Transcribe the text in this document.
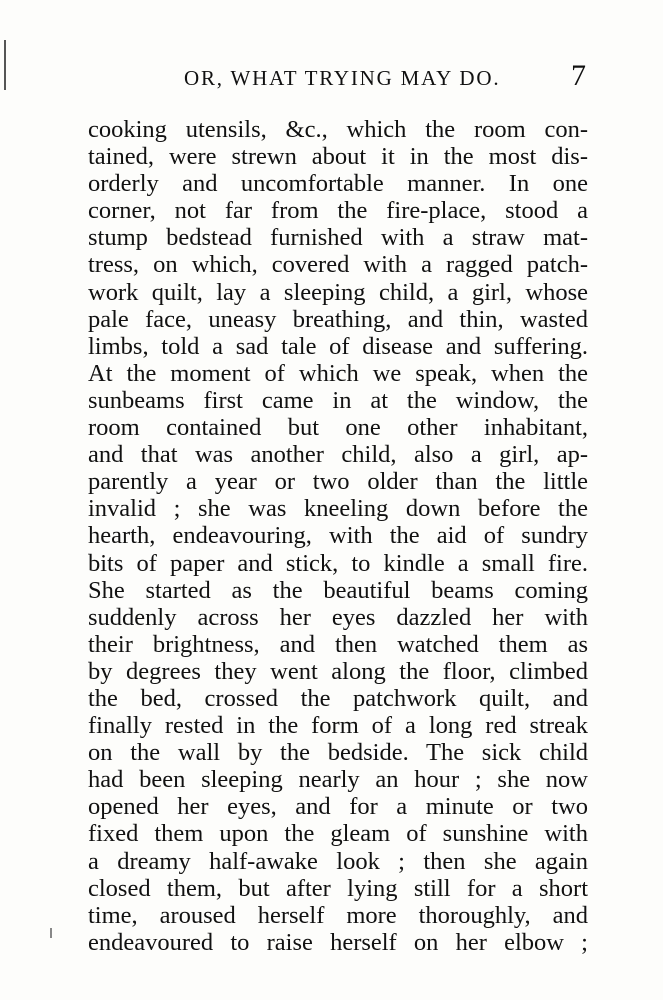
OR, WHAT TRYING MAY DO. 7
cooking utensils, &c., which the room con-
tained, were strewn about it in the most dis-
orderly and uncomfortable manner. In one
corner, not far from the fire-place, stood a
stump bedstead furnished with a straw mat-
tress, on which, covered with a ragged patch-
work quilt, lay a sleeping child, a girl, whose
pale face, uneasy breathing, and thin, wasted
limbs, told a sad tale of disease and suffering.
At the moment of which we speak, when the
sunbeams first came in at the window, the
room contained but one other inhabitant,
and that was another child, also a girl, ap-
parently a year or two older than the little
invalid ; she was kneeling down before the
hearth, endeavouring, with the aid of sundry
bits of paper and stick, to kindle a small fire.
She started as the beautiful beams coming
suddenly across her eyes dazzled her with
their brightness, and then watched them as
by degrees they went along the floor, climbed
the bed, crossed the patchwork quilt, and
finally rested in the form of a long red streak
on the wall by the bedside. The sick child
had been sleeping nearly an hour ; she now
opened her eyes, and for a minute or two
fixed them upon the gleam of sunshine with
a dreamy half-awake look ; then she again
closed them, but after lying still for a short
time, aroused herself more thoroughly, and
endeavoured to raise herself on her elbow ;
